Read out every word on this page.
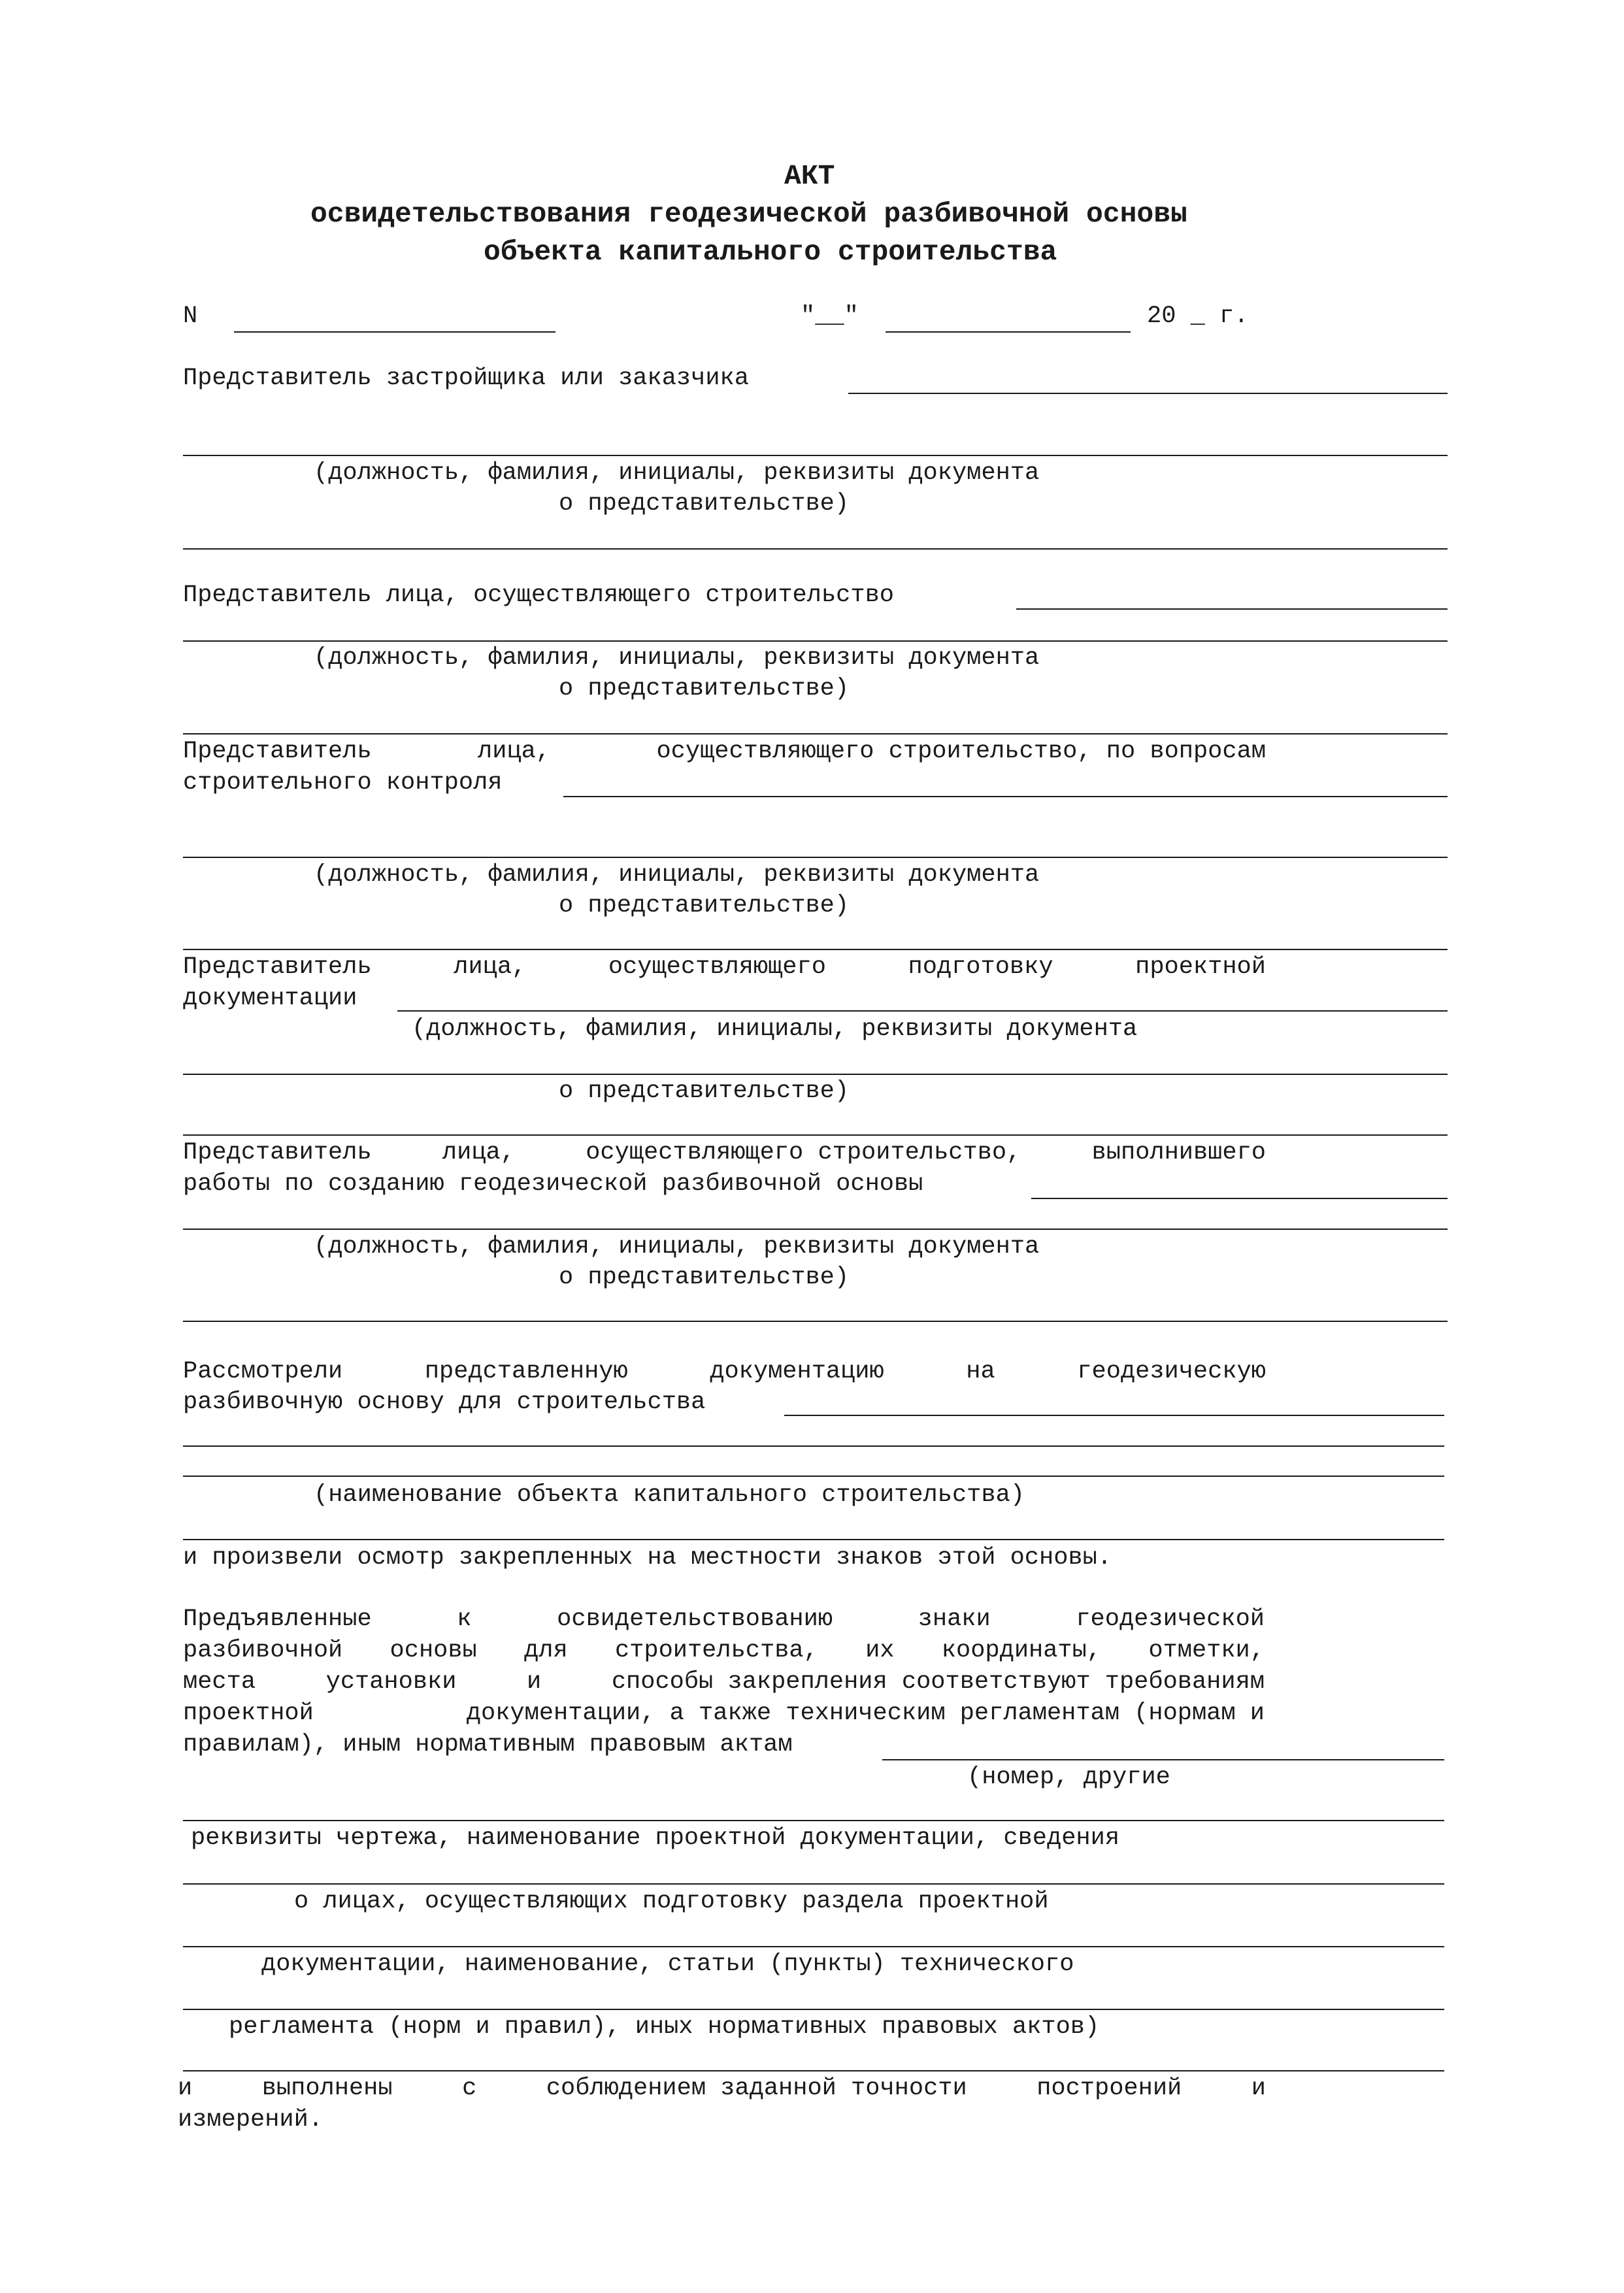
АКТ
освидетельствования геодезической разбивочной основы
объекта капитального строительства
N	"__"	20 _ г.
Представитель застройщика или заказчика
(должность, фамилия, инициалы, реквизиты документа
о представительстве)
Представитель лица, осуществляющего строительство
(должность, фамилия, инициалы, реквизиты документа
о представительстве)
Представитель	лица,	осуществляющего строительство, по вопросам
строительного контроля
(должность, фамилия, инициалы, реквизиты документа
о представительстве)
Представитель	лица,	осуществляющего	подготовку	проектной
документации
(должность, фамилия, инициалы, реквизиты документа
о представительстве)
Представитель	лица,	осуществляющего строительство,	выполнившего
работы по созданию геодезической разбивочной основы
(должность, фамилия, инициалы, реквизиты документа
о представительстве)
Рассмотрели	представленную	документацию	на	геодезическую
разбивочную основу для строительства
(наименование объекта капитального строительства)
и произвели осмотр закрепленных на местности знаков этой основы.
Предъявленные	к	освидетельствованию	знаки	геодезической
разбивочной основы для строительства, их координаты, отметки,
места	установки	и	способы закрепления соответствуют требованиям
проектной	документации, а также техническим регламентам (нормам и
правилам), иным нормативным правовым актам
(номер, другие
реквизиты чертежа, наименование проектной документации, сведения
о лицах, осуществляющих подготовку раздела проектной
документации, наименование, статьи (пункты) технического
регламента (норм и правил), иных нормативных правовых актов)
и	выполнены	с	соблюдением заданной точности	построений	и
измерений.
